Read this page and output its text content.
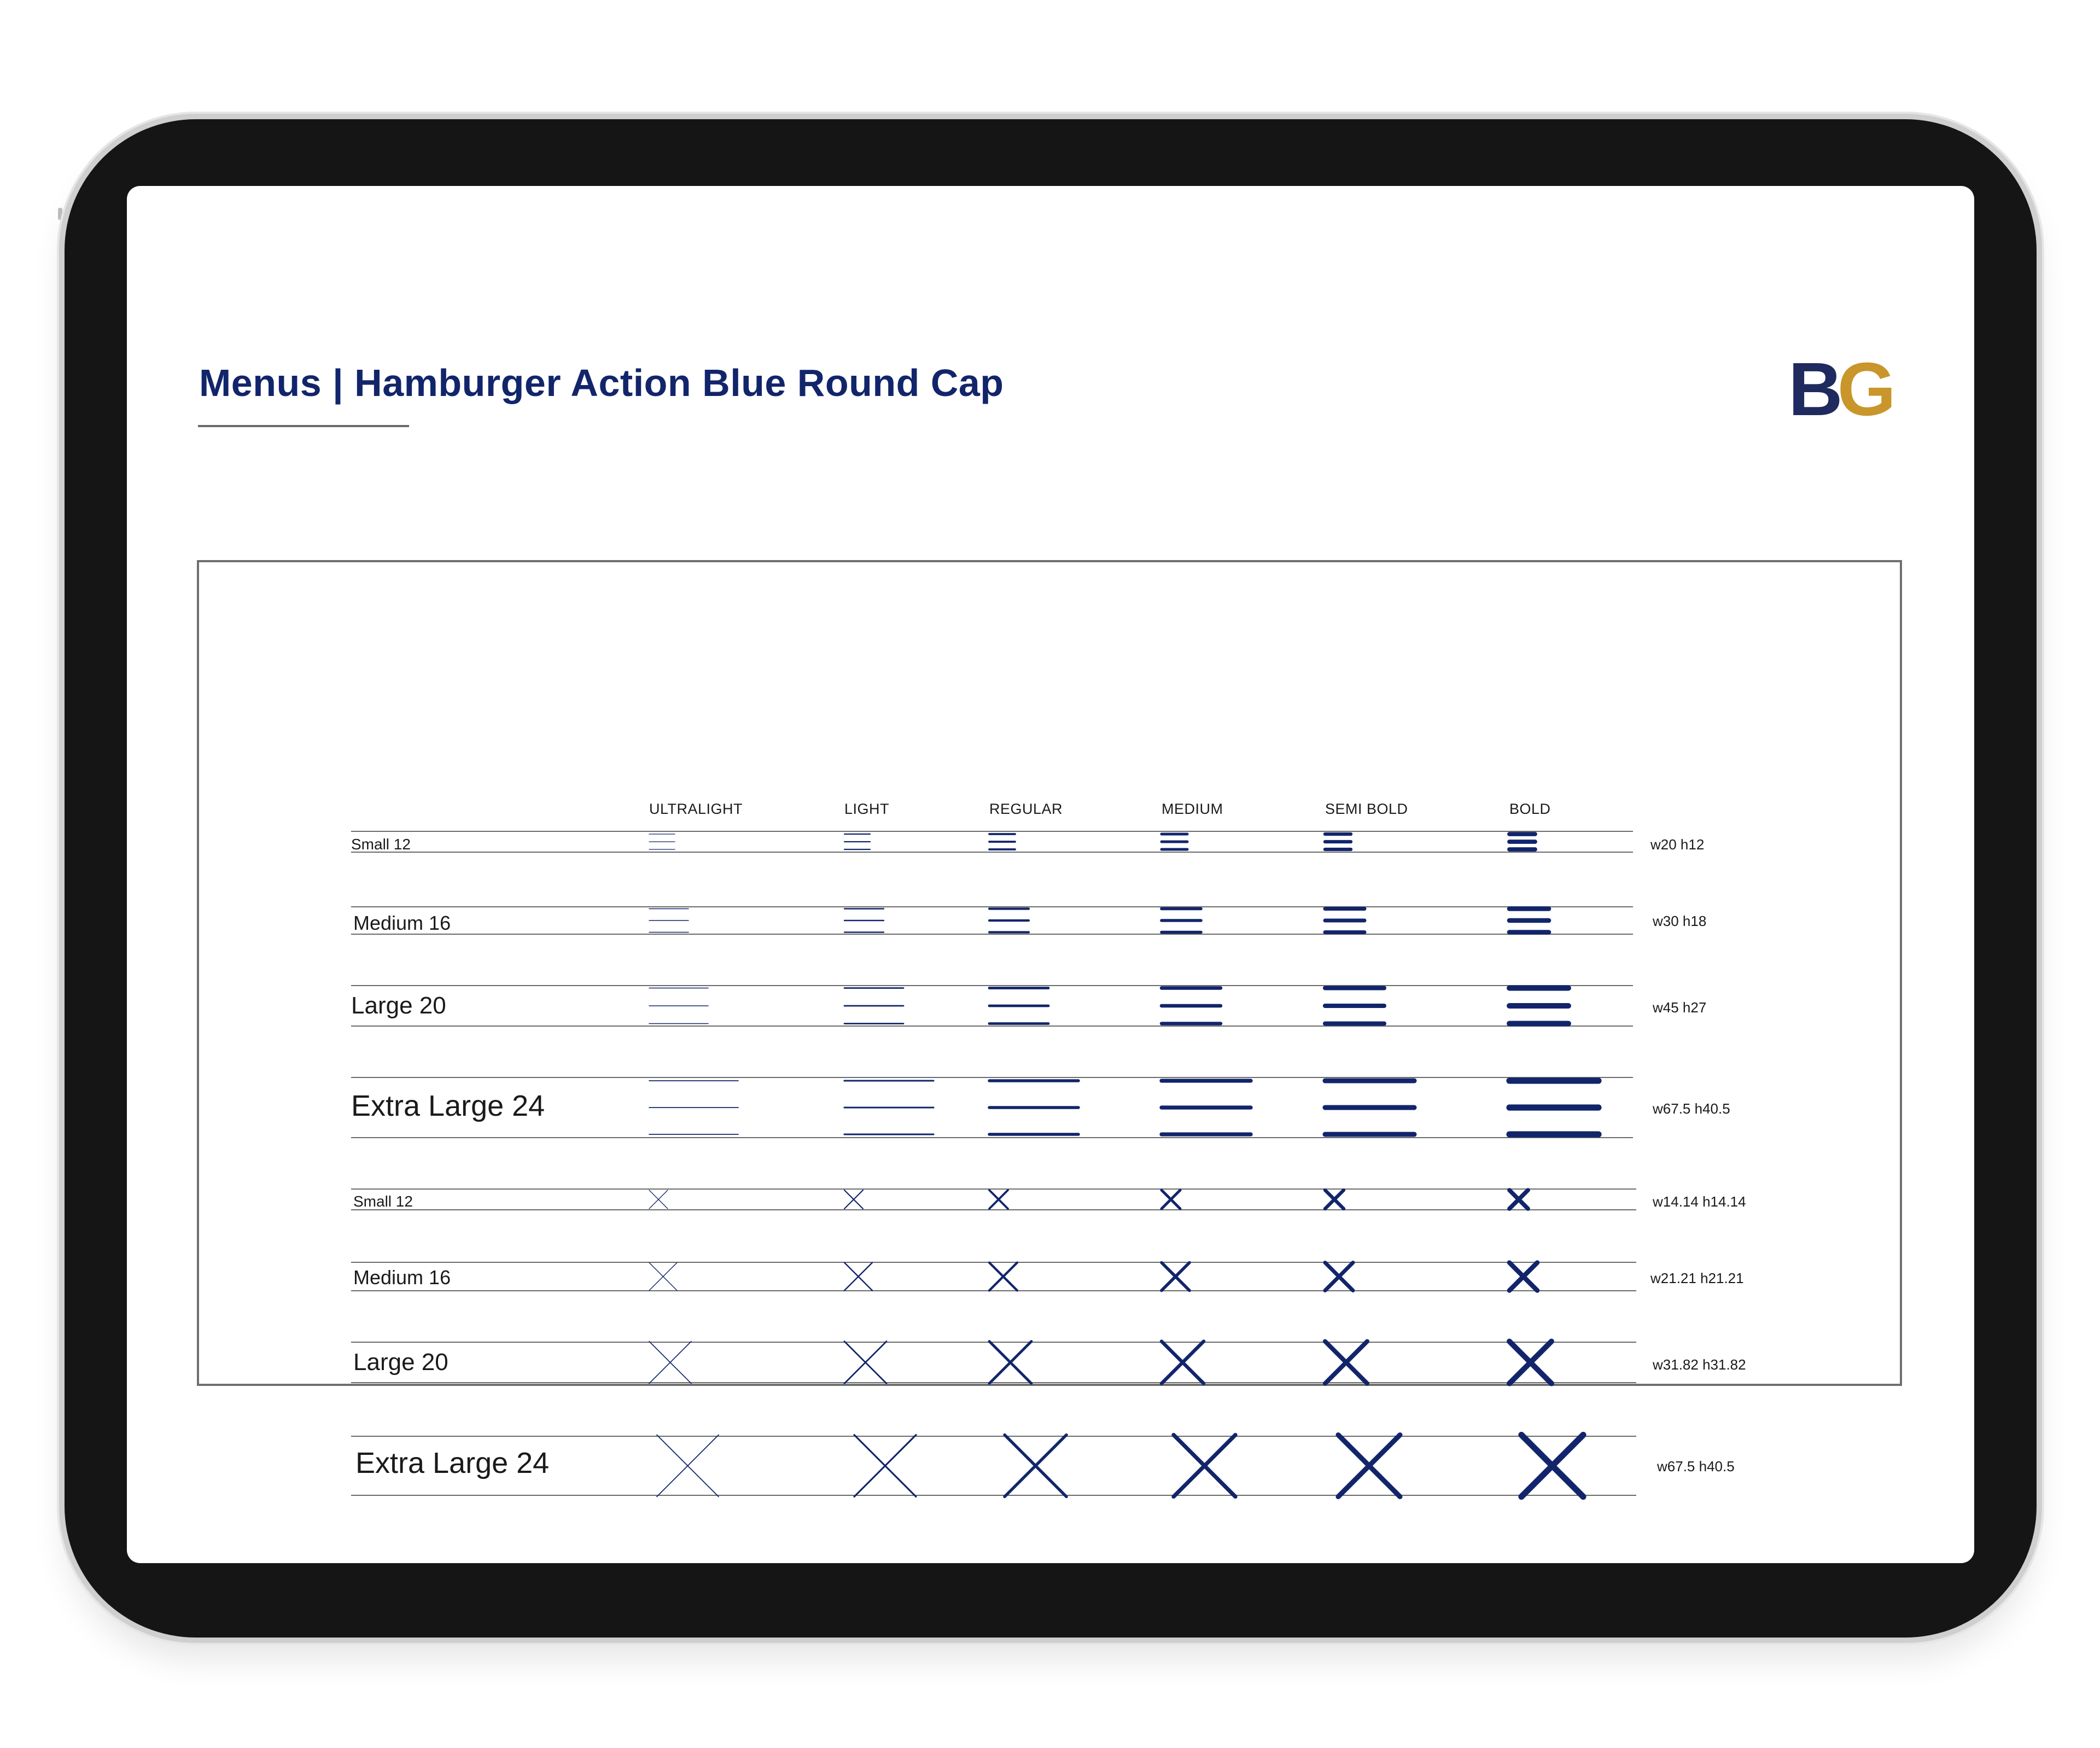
Menus | Hamburger Action Blue Round Cap	BG
ULTRALIGHT	LIGHT	REGULAR	MEDIUM	SEMI BOLD	BOLD
Small 12	w20 h12
Medium 16	w30 h18
Large 20	w45 h27
Extra Large 24	w67.5 h40.5
Small 12	w14.14 h14.14
Medium 16	w21.21 h21.21
Large 20	w31.82 h31.82
Extra Large 24	w67.5 h40.5
